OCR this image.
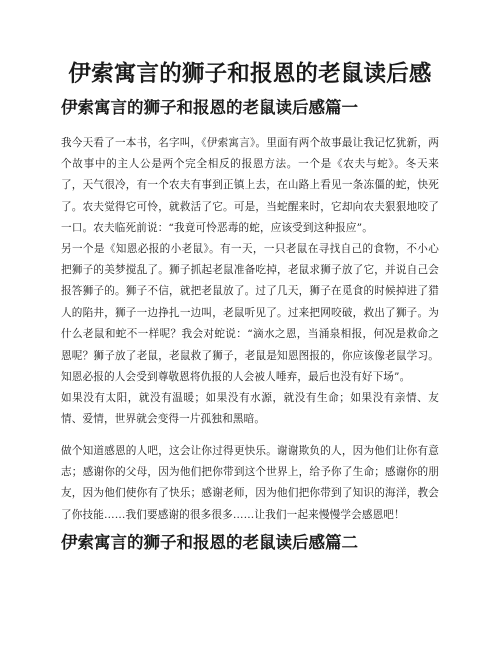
伊索寓言的狮子和报恩的老鼠读后感
伊索寓言的狮子和报恩的老鼠读后感篇一

我今天看了一本书，名字叫，《伊索寓言》。里面有两个故事最让我记忆犹新，两个故事中的主人公是两个完全相反的报恩方法。一个是《农夫与蛇》。冬天来了，天气很冷，有一个农夫有事到正镇上去，在山路上看见一条冻僵的蛇，快死了。农夫觉得它可怜，就救活了它。可是，当蛇醒来时，它却向农夫狠狠地咬了一口。农夫临死前说：“我竟可怜恶毒的蛇，应该受到这种报应”。

另一个是《知恩必报的小老鼠》。有一天，一只老鼠在寻找自己的食物，不小心把狮子的美梦搅乱了。狮子抓起老鼠准备吃掉，老鼠求狮子放了它，并说自己会报答狮子的。狮子不信，就把老鼠放了。过了几天，狮子在觅食的时候掉进了猎人的陷井，狮子一边挣扎一边叫，老鼠听见了。过来把网咬破，救出了狮子。为什么老鼠和蛇不一样呢？我会对蛇说：“滴水之恩，当涌泉相报，何况是救命之恩呢？狮子放了老鼠，老鼠救了狮子，老鼠是知恩图报的，你应该像老鼠学习。知恩必报的人会受到尊敬恩将仇报的人会被人唾弃，最后也没有好下场”。

如果没有太阳，就没有温暖；如果没有水源，就没有生命；如果没有亲情、友情、爱情，世界就会变得一片孤独和黑暗。

做个知道感恩的人吧，这会让你过得更快乐。谢谢欺负的人，因为他们让你有意志；感谢你的父母，因为他们把你带到这个世界上，给予你了生命；感谢你的朋友，因为他们使你有了快乐；感谢老师，因为他们把你带到了知识的海洋，教会了你技能……我们要感谢的很多很多……让我们一起来慢慢学会感恩吧！

伊索寓言的狮子和报恩的老鼠读后感篇二
